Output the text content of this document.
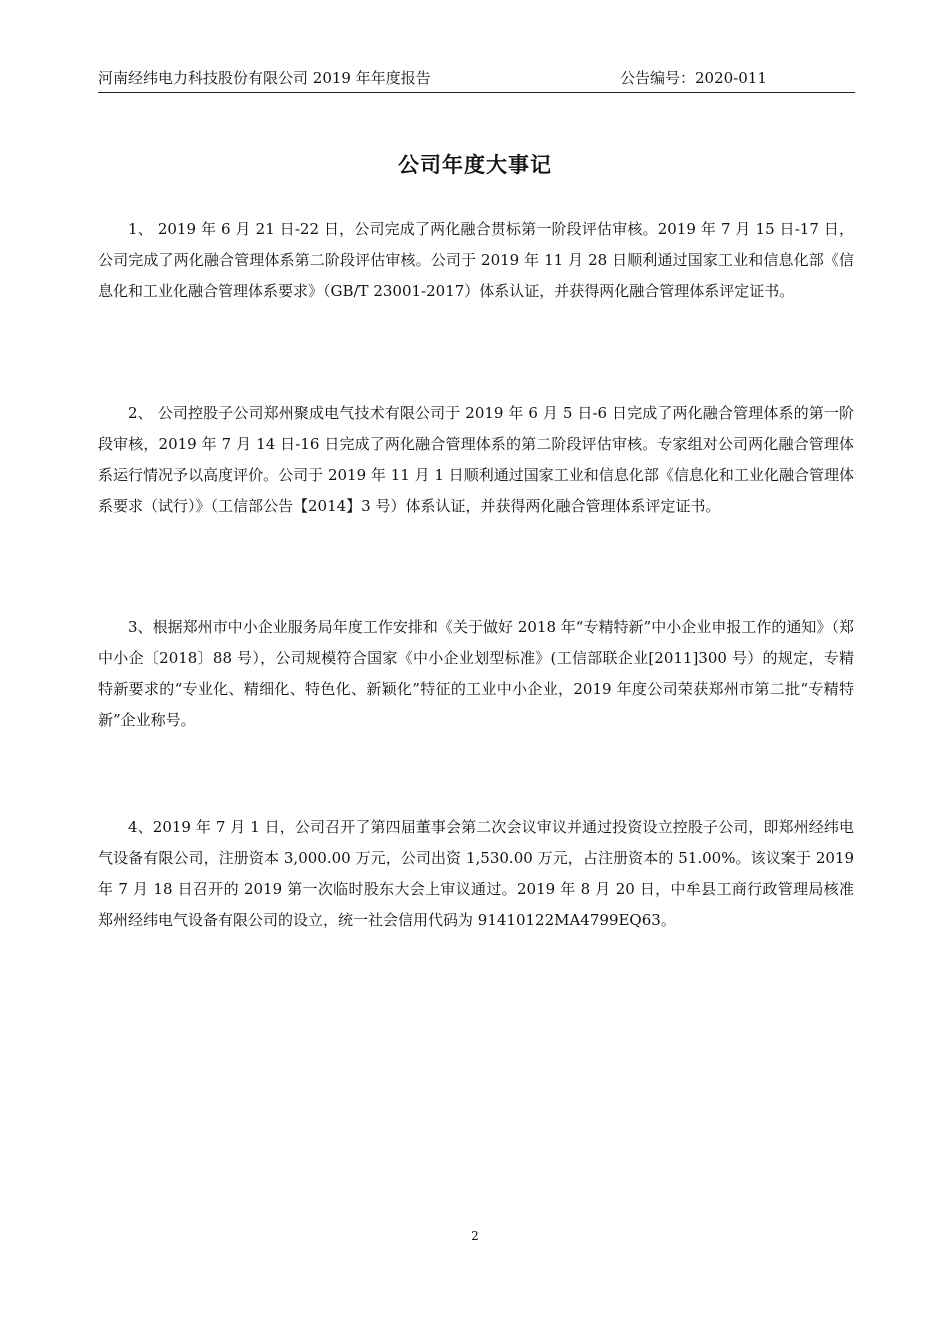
河南经纬电力科技股份有限公司 2019 年年度报告	公告编号：2020-011
公司年度大事记

1、 2019 年 6 月 21 日-22 日，公司完成了两化融合贯标第一阶段评估审核。2019 年 7 月 15 日-17 日，公司完成了两化融合管理体系第二阶段评估审核。公司于 2019 年 11 月 28 日顺利通过国家工业和信息化部《信息化和工业化融合管理体系要求》（GB/T 23001-2017）体系认证，并获得两化融合管理体系评定证书。

2、 公司控股子公司郑州聚成电气技术有限公司于 2019 年 6 月 5 日-6 日完成了两化融合管理体系的第一阶段审核，2019 年 7 月 14 日-16 日完成了两化融合管理体系的第二阶段评估审核。专家组对公司两化融合管理体系运行情况予以高度评价。公司于 2019 年 11 月 1 日顺利通过国家工业和信息化部《信息化和工业化融合管理体系要求（试行）》（工信部公告【2014】3 号）体系认证，并获得两化融合管理体系评定证书。

3、根据郑州市中小企业服务局年度工作安排和《关于做好 2018 年“专精特新”中小企业申报工作的通知》（郑中小企〔2018〕88 号），公司规模符合国家《中小企业划型标准》(工信部联企业[2011]300 号）的规定，专精特新要求的“专业化、精细化、特色化、新颖化”特征的工业中小企业，2019 年度公司荣获郑州市第二批“专精特新”企业称号。

4、2019 年 7 月 1 日，公司召开了第四届董事会第二次会议审议并通过投资设立控股子公司，即郑州经纬电气设备有限公司，注册资本 3,000.00 万元，公司出资 1,530.00 万元，占注册资本的 51.00%。该议案于 2019 年 7 月 18 日召开的 2019 第一次临时股东大会上审议通过。2019 年 8 月 20 日，中牟县工商行政管理局核准郑州经纬电气设备有限公司的设立，统一社会信用代码为 91410122MA4799EQ63。

2
